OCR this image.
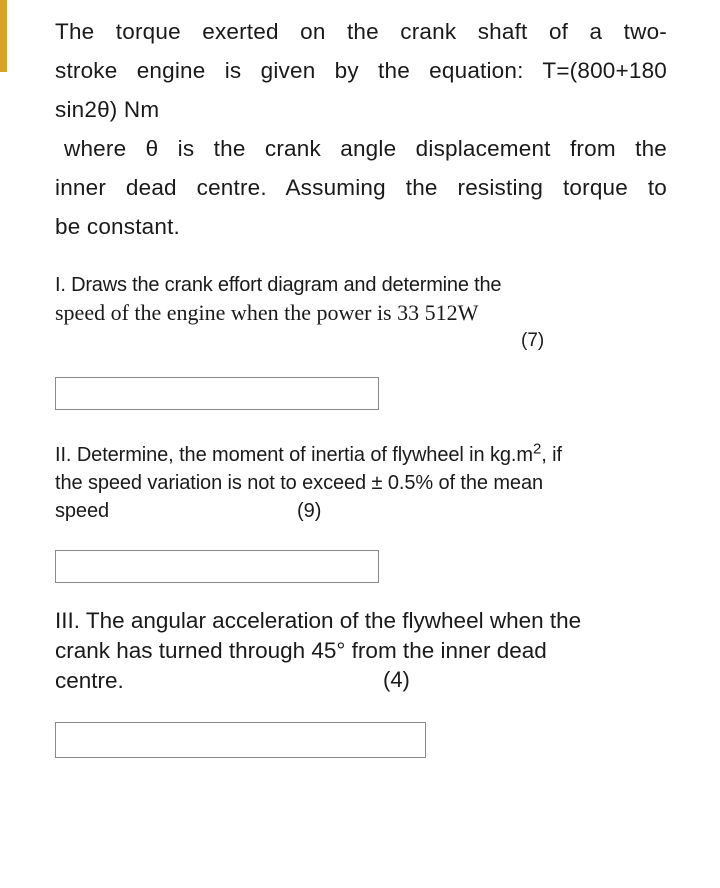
The torque exerted on the crank shaft of a two-

stroke engine is given by the equation: T=(800+180

sin2θ) Nm

where θ is the crank angle displacement from the

inner dead centre. Assuming the resisting torque to

be constant.

I. Draws the crank effort diagram and determine the
speed of the engine when the power is 33 512W
(7)
II. Determine, the moment of inertia of flywheel in $kg.m^2$, if
the speed variation is not to exceed ± 0.5% of the mean
speed	(9)
III. The angular acceleration of the flywheel when the
crank has turned through 45° from the inner dead
centre.	(4)
